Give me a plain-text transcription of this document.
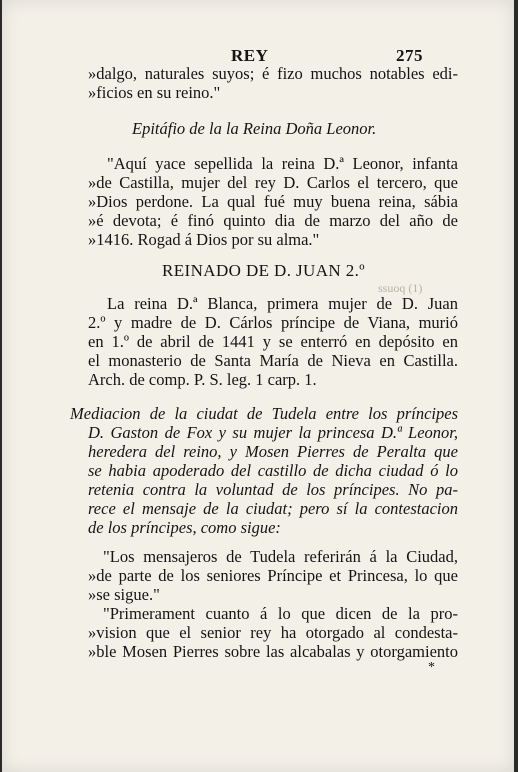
REY	275
»dalgo, naturales suyos; é fizo muchos notables edi-
»ficios en su reino."
Epitáfio de la la Reina Doña Leonor.
"Aquí yace sepellida la reina D.ª Leonor, infanta
»de Castilla, mujer del rey D. Carlos el tercero, que
»Dios perdone. La qual fué muy buena reina, sábia
»é devota; é finó quinto dia de marzo del año de
»1416. Rogad á Dios por su alma."
REINADO DE D. JUAN 2.º
La reina D.ª Blanca, primera mujer de D. Juan
2.º y madre de D. Cárlos príncipe de Viana, murió
en 1.º de abril de 1441 y se enterró en depósito en
el monasterio de Santa María de Nieva en Castilla.
Arch. de comp. P. S. leg. 1 carp. 1.
Mediacion de la ciudat de Tudela entre los príncipes
D. Gaston de Fox y su mujer la princesa D.ª Leonor,
heredera del reino, y Mosen Pierres de Peralta que
se habia apoderado del castillo de dicha ciudad ó lo
retenia contra la voluntad de los príncipes. No pa-
rece el mensaje de la ciudat; pero sí la contestacion
de los príncipes, como sigue:
"Los mensajeros de Tudela referirán á la Ciudad,
»de parte de los seniores Príncipe et Princesa, lo que
»se sigue."
"Primerament cuanto á lo que dicen de la pro-
»vision que el senior rey ha otorgado al condesta-
»ble Mosen Pierres sobre las alcabalas y otorgamiento
*
ssuoq (1)
